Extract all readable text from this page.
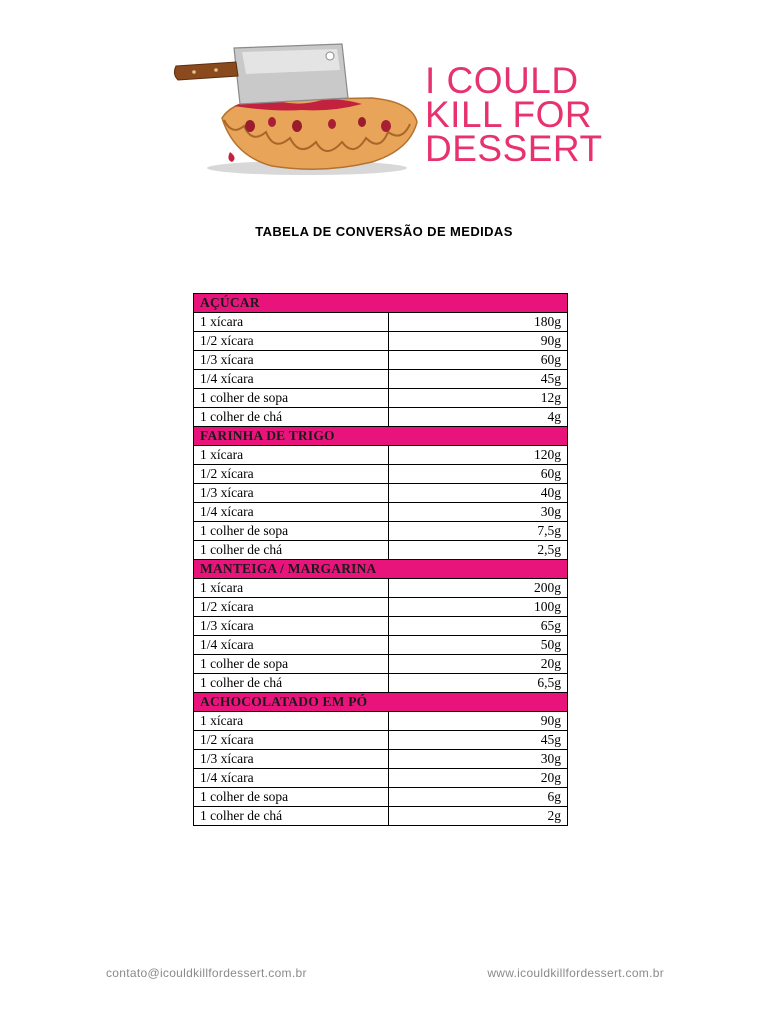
I COULD
KILL FOR
DESSERT
TABELA DE CONVERSÃO DE MEDIDAS
AÇÚCAR	
1 xícara	180g
1/2 xícara	90g
1/3 xícara	60g
1/4 xícara	45g
1 colher de sopa	12g
1 colher de chá	4g
FARINHA DE TRIGO	
1 xícara	120g
1/2 xícara	60g
1/3 xícara	40g
1/4 xícara	30g
1 colher de sopa	7,5g
1 colher de chá	2,5g
MANTEIGA / MARGARINA	
1 xícara	200g
1/2 xícara	100g
1/3 xícara	65g
1/4 xícara	50g
1 colher de sopa	20g
1 colher de chá	6,5g
ACHOCOLATADO EM PÓ	
1 xícara	90g
1/2 xícara	45g
1/3 xícara	30g
1/4 xícara	20g
1 colher de sopa	6g
1 colher de chá	2g
contato@icouldkillfordessert.com.br	www.icouldkillfordessert.com.br
